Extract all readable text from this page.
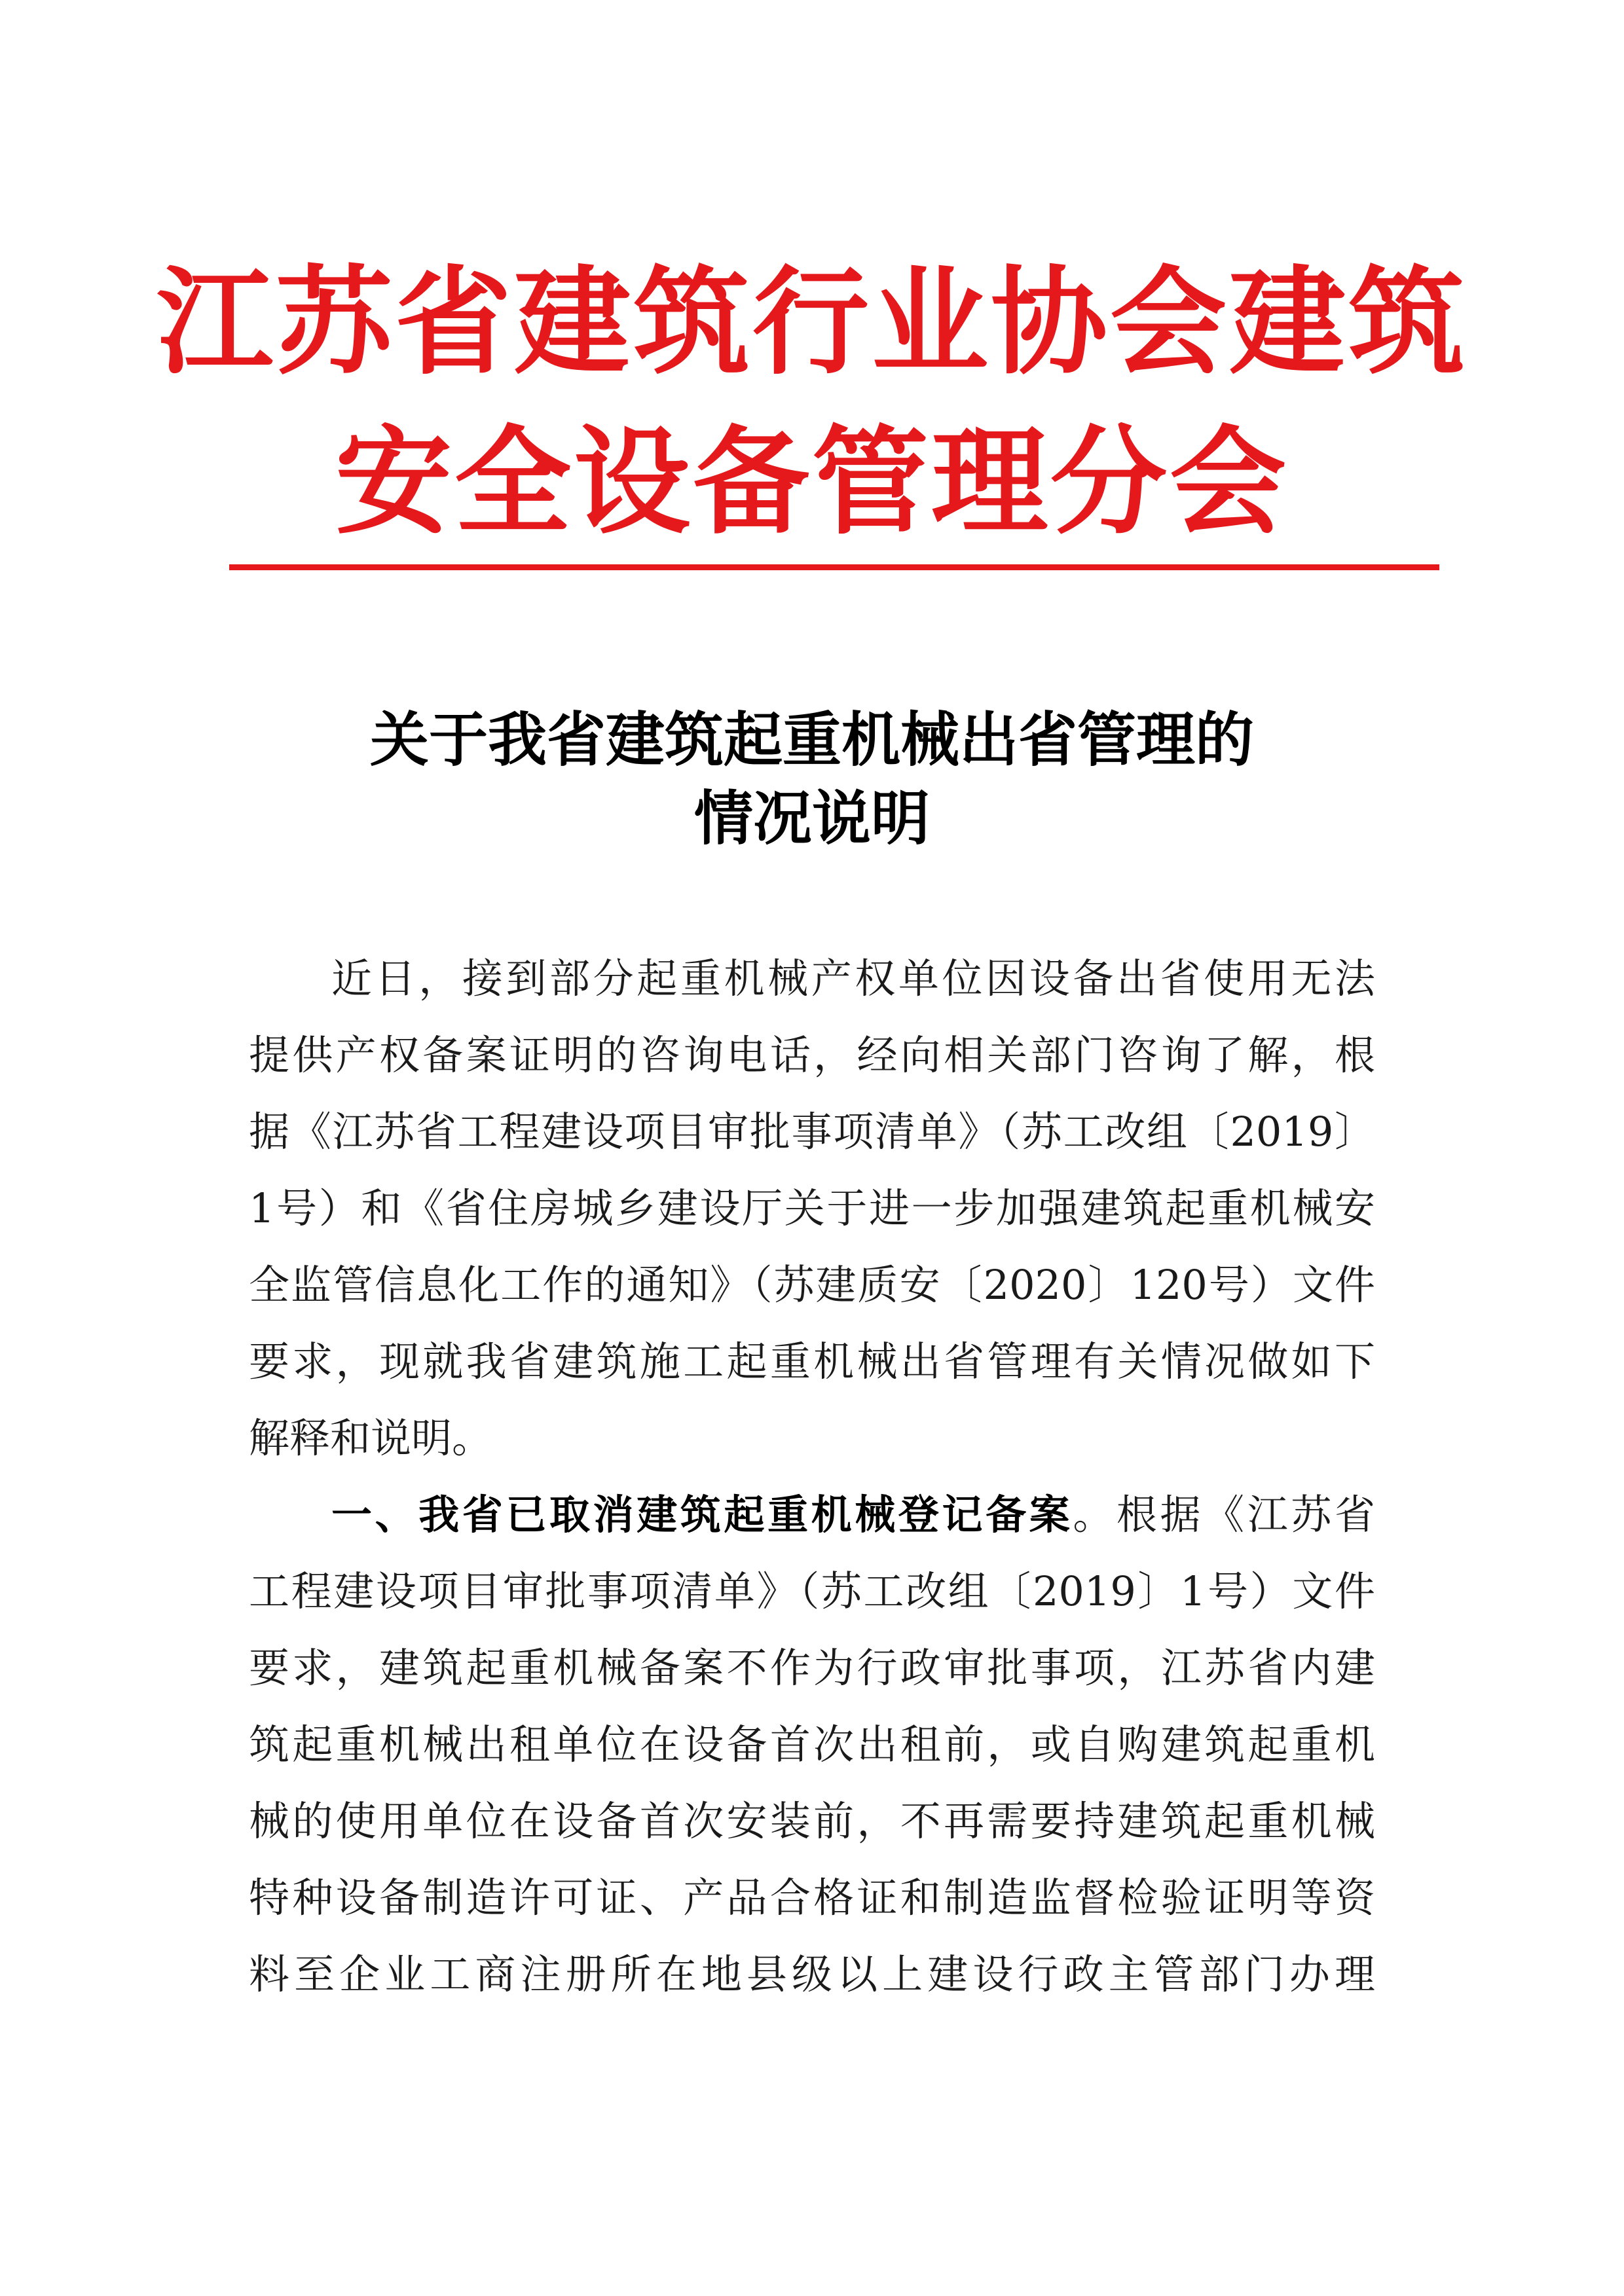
江苏省建筑行业协会建筑
安全设备管理分会
关于我省建筑起重机械出省管理的
情况说明
近日，接到部分起重机械产权单位因设备出省使用无法
提供产权备案证明的咨询电话，经向相关部门咨询了解，根
据《江苏省工程建设项目审批事项清单》（苏工改组〔2019〕
1号）和《省住房城乡建设厅关于进一步加强建筑起重机械安
全监管信息化工作的通知》（苏建质安〔2020〕120号）文件
要求，现就我省建筑施工起重机械出省管理有关情况做如下
解释和说明。
一、我省已取消建筑起重机械登记备案。根据《江苏省
工程建设项目审批事项清单》（苏工改组〔2019〕1号）文件
要求，建筑起重机械备案不作为行政审批事项，江苏省内建
筑起重机械出租单位在设备首次出租前，或自购建筑起重机
械的使用单位在设备首次安装前，不再需要持建筑起重机械
特种设备制造许可证、产品合格证和制造监督检验证明等资
料至企业工商注册所在地县级以上建设行政主管部门办理
